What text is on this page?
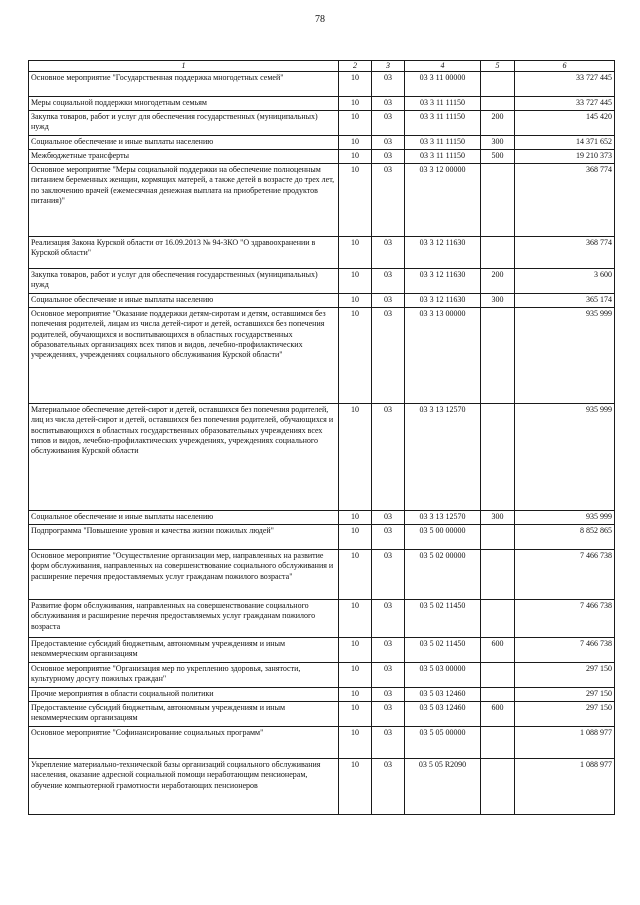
78
1	2	3	4	5	6
Основное мероприятие "Государственная поддержка многодетных семей"	10	03	03 3 11 00000		33 727 445
Меры социальной поддержки многодетным семьям	10	03	03 3 11 11150		33 727 445
Закупка товаров, работ и услуг для обеспечения государственных (муниципальных) нужд	10	03	03 3 11 11150	200	145 420
Социальное обеспечение и иные выплаты населению	10	03	03 3 11 11150	300	14 371 652
Межбюджетные трансферты	10	03	03 3 11 11150	500	19 210 373
Основное мероприятие "Меры социальной поддержки на обеспечение полноценным питанием беременных женщин, кормящих матерей, а также детей в возрасте до трех лет, по заключению врачей (ежемесячная денежная выплата на приобретение продуктов питания)"	10	03	03 3 12 00000		368 774
Реализация Закона Курской области от 16.09.2013 № 94-ЗКО "О здравоохранении в Курской области"	10	03	03 3 12 11630		368 774
Закупка товаров, работ и услуг для обеспечения государственных (муниципальных) нужд	10	03	03 3 12 11630	200	3 600
Социальное обеспечение и иные выплаты населению	10	03	03 3 12 11630	300	365 174
Основное мероприятие "Оказание поддержки детям-сиротам и детям, оставшимся без попечения родителей, лицам из числа детей-сирот и детей, оставшихся без попечения родителей, обучающихся и воспитывающихся в областных государственных образовательных организациях всех типов и видов, лечебно-профилактических учреждениях, учреждениях социального обслуживания Курской области"	10	03	03 3 13 00000		935 999
Материальное обеспечение детей-сирот и детей, оставшихся без попечения родителей, лиц из числа детей-сирот и детей, оставшихся без попечения родителей, обучающихся и воспитывающихся в областных государственных образовательных учреждениях всех типов и видов, лечебно-профилактических учреждениях, учреждениях социального обслуживания Курской области	10	03	03 3 13 12570		935 999
Социальное обеспечение и иные выплаты населению	10	03	03 3 13 12570	300	935 999
Подпрограмма "Повышение уровня и качества жизни пожилых людей"	10	03	03 5 00 00000		8 852 865
Основное мероприятие "Осуществление организации мер, направленных на развитие форм обслуживания, направленных на совершенствование социального обслуживания и расширение перечня предоставляемых услуг гражданам пожилого возраста"	10	03	03 5 02 00000		7 466 738
Развитие форм обслуживания, направленных на совершенствование социального обслуживания и расширение перечня предоставляемых услуг гражданам пожилого возраста	10	03	03 5 02 11450		7 466 738
Предоставление субсидий бюджетным, автономным учреждениям и иным некоммерческим организациям	10	03	03 5 02 11450	600	7 466 738
Основное мероприятие "Организация мер по укреплению здоровья, занятости, культурному досугу пожилых граждан"	10	03	03 5 03 00000		297 150
Прочие мероприятия в области социальной политики	10	03	03 5 03 12460		297 150
Предоставление субсидий бюджетным, автономным учреждениям и иным некоммерческим организациям	10	03	03 5 03 12460	600	297 150
Основное мероприятие "Софинансирование социальных программ"	10	03	03 5 05 00000		1 088 977
Укрепление материально-технической базы организаций социального обслуживания населения, оказание адресной социальной помощи неработающим пенсионерам, обучение компьютерной грамотности неработающих пенсионеров	10	03	03 5 05 R2090		1 088 977
